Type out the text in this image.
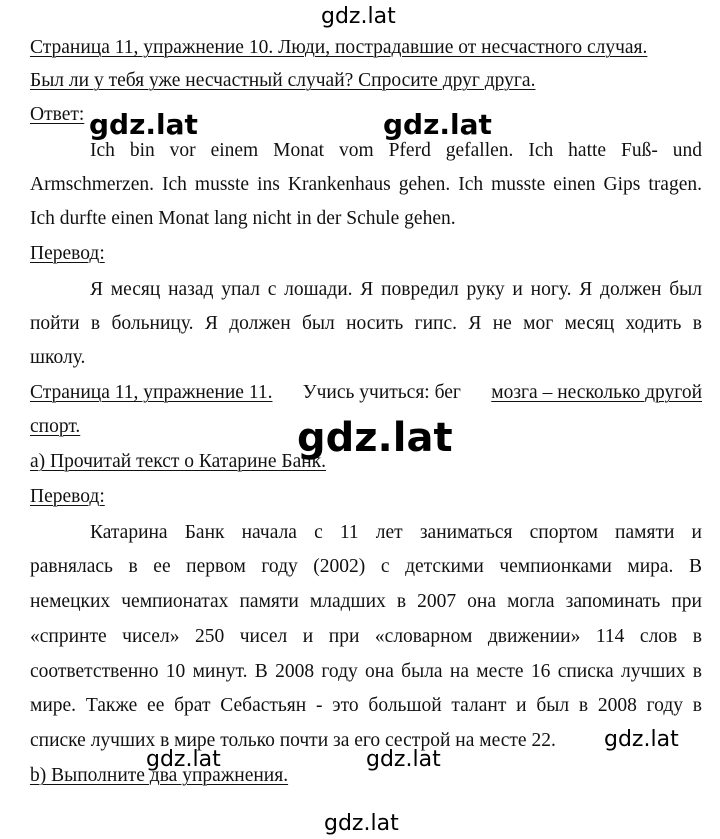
Страница 11, упражнение 10. Люди, пострадавшие от несчастного случая.
Был ли у тебя уже несчастный случай? Спросите друг друга.
Ответ:
Ich bin vor einem Monat vom Pferd gefallen. Ich hatte Fuß- und
Armschmerzen. Ich musste ins Krankenhaus gehen. Ich musste einen Gips tragen.
Ich durfte einen Monat lang nicht in der Schule gehen.
Перевод:
Я месяц назад упал с лошади. Я повредил руку и ногу. Я должен был
пойти в больницу. Я должен был носить гипс. Я не мог месяц ходить в
школу.
Страница 11, упражнение 11.	Учись учиться: бег	мозга – несколько другой
спорт.
a) Прочитай текст о Катарине Банк.
Перевод:
Катарина Банк начала с 11 лет заниматься спортом памяти и
равнялась в ее первом году (2002) с детскими чемпионками мира. В
немецких чемпионатах памяти младших в 2007 она могла запоминать при
«спринте чисел» 250 чисел и при «словарном движении» 114 слов в
соответственно 10 минут. В 2008 году она была на месте 16 списка лучших в
мире. Также ее брат Себастьян - это большой талант и был в 2008 году в
списке лучших в мире только почти за его сестрой на месте 22.
b) Выполните два упражнения.
gdz.lat
gdz.lat	gdz.lat
gdz.lat
gdz.lat
gdz.lat	gdz.lat
gdz.lat
